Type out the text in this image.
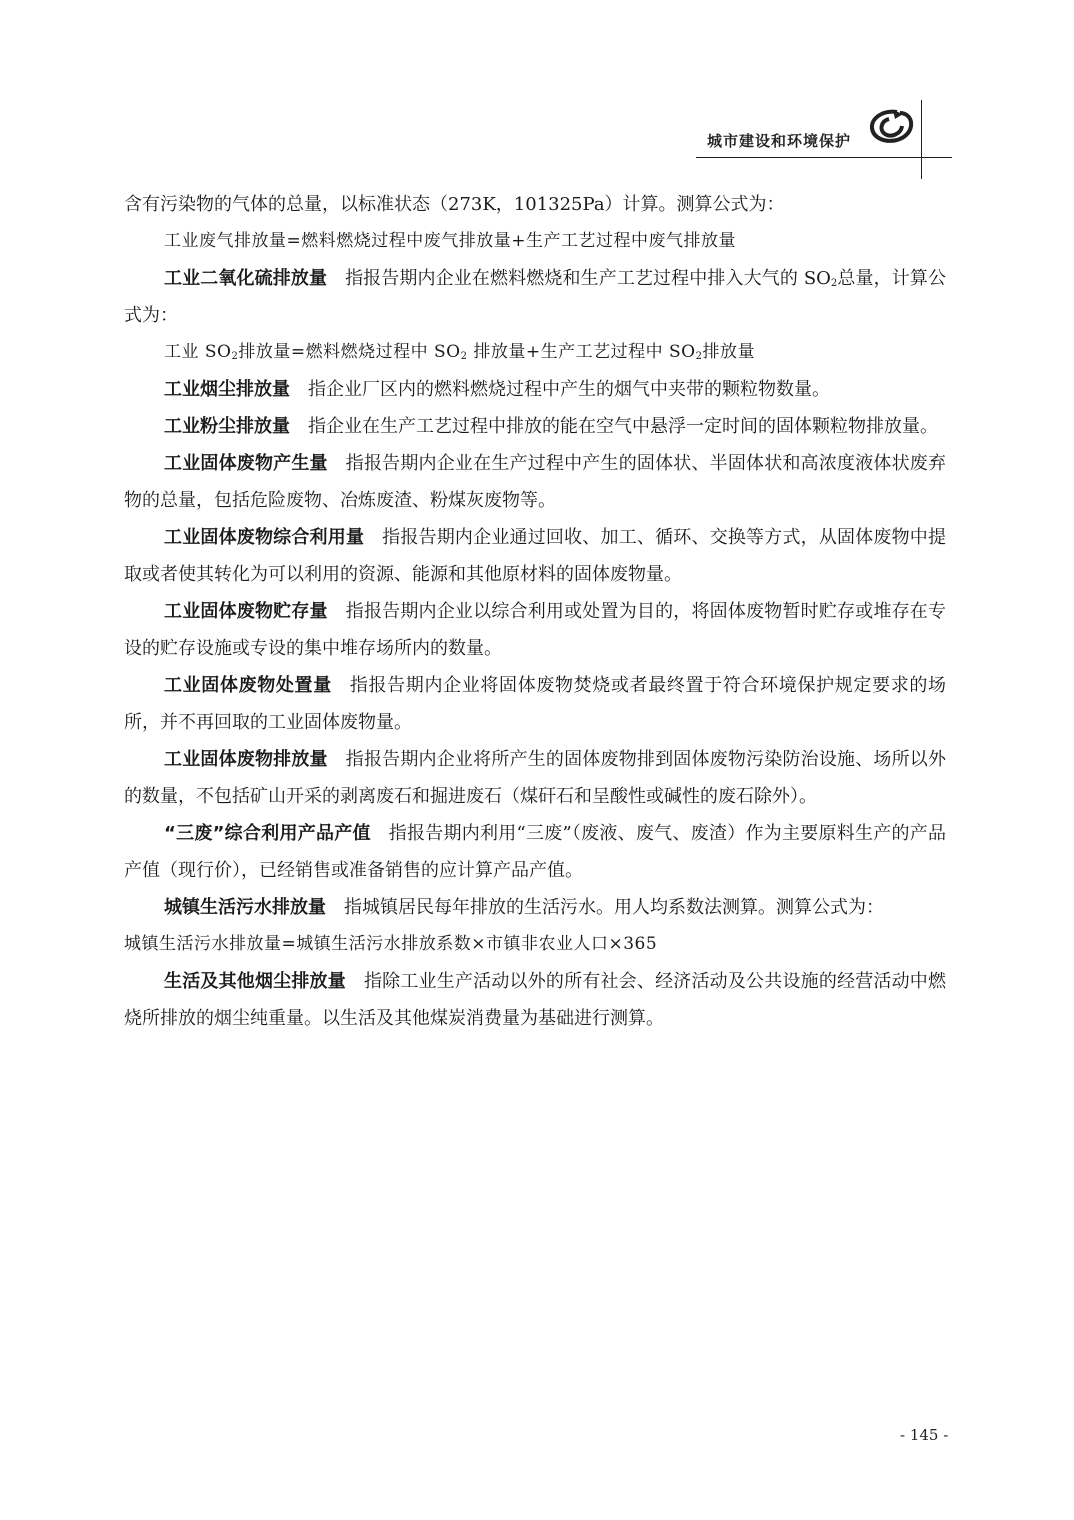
城市建设和环境保护

含有污染物的气体的总量，以标准状态（273K，101325Pa）计算。测算公式为：

工业废气排放量=燃料燃烧过程中废气排放量+生产工艺过程中废气排放量

工业二氧化硫排放量 指报告期内企业在燃料燃烧和生产工艺过程中排入大气的 $SO_2$总量，计算公式为：

工业 $SO_2$排放量=燃料燃烧过程中 $SO_2$ 排放量+生产工艺过程中 $SO_2$排放量

工业烟尘排放量 指企业厂区内的燃料燃烧过程中产生的烟气中夹带的颗粒物数量。

工业粉尘排放量 指企业在生产工艺过程中排放的能在空气中悬浮一定时间的固体颗粒物排放量。

工业固体废物产生量 指报告期内企业在生产过程中产生的固体状、半固体状和高浓度液体状废弃物的总量，包括危险废物、冶炼废渣、粉煤灰废物等。

工业固体废物综合利用量 指报告期内企业通过回收、加工、循环、交换等方式，从固体废物中提取或者使其转化为可以利用的资源、能源和其他原材料的固体废物量。

工业固体废物贮存量 指报告期内企业以综合利用或处置为目的，将固体废物暂时贮存或堆存在专设的贮存设施或专设的集中堆存场所内的数量。

工业固体废物处置量 指报告期内企业将固体废物焚烧或者最终置于符合环境保护规定要求的场所，并不再回取的工业固体废物量。

工业固体废物排放量 指报告期内企业将所产生的固体废物排到固体废物污染防治设施、场所以外的数量，不包括矿山开采的剥离废石和掘进废石（煤矸石和呈酸性或碱性的废石除外）。

“三废”综合利用产品产值 指报告期内利用“三废”（废液、废气、废渣）作为主要原料生产的产品产值（现行价），已经销售或准备销售的应计算产品产值。

城镇生活污水排放量 指城镇居民每年排放的生活污水。用人均系数法测算。测算公式为：

城镇生活污水排放量=城镇生活污水排放系数×市镇非农业人口×365

生活及其他烟尘排放量 指除工业生产活动以外的所有社会、经济活动及公共设施的经营活动中燃烧所排放的烟尘纯重量。以生活及其他煤炭消费量为基础进行测算。

- 145 -
